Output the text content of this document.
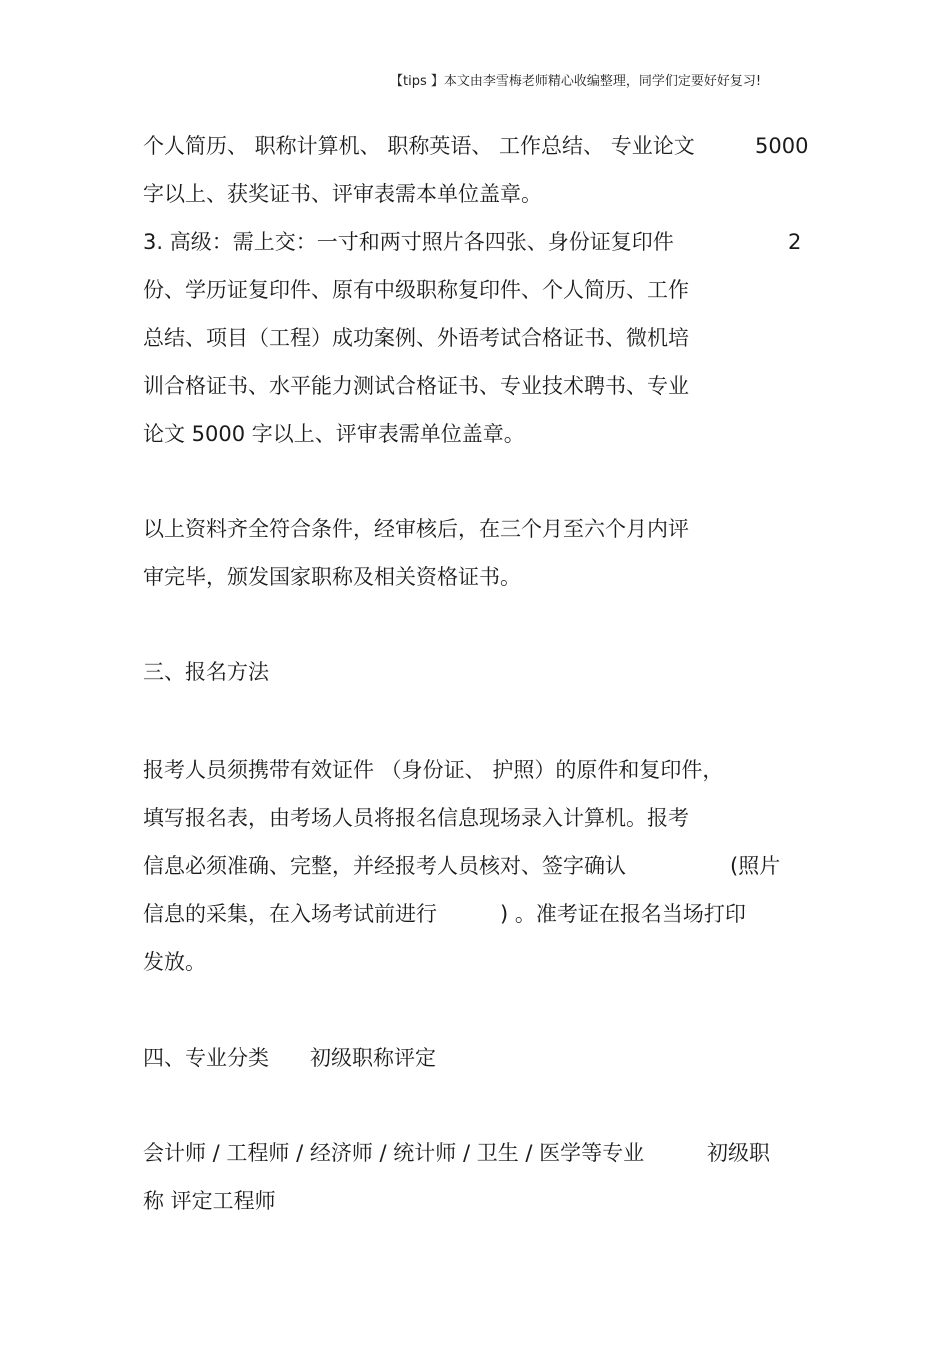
【tips 】本文由李雪梅老师精心收编整理，同学们定要好好复习!
个人简历、 职称计算机、 职称英语、 工作总结、 专业论文	5000
字以上、获奖证书、评审表需本单位盖章。
3. 高级：需上交：一寸和两寸照片各四张、身份证复印件	2
份、学历证复印件、原有中级职称复印件、个人简历、工作
总结、项目（工程）成功案例、外语考试合格证书、微机培
训合格证书、水平能力测试合格证书、专业技术聘书、专业
论文 5000 字以上、评审表需单位盖章。
以上资料齐全符合条件，经审核后，在三个月至六个月内评
审完毕，颁发国家职称及相关资格证书。
三、报名方法
报考人员须携带有效证件 （身份证、 护照）的原件和复印件，
填写报名表，由考场人员将报名信息现场录入计算机。报考
信息必须准确、完整，并经报考人员核对、签字确认	(照片
信息的采集，在入场考试前进行	) 。准考证在报名当场打印
发放。
四、专业分类 初级职称评定
会计师 / 工程师 / 经济师 / 统计师 / 卫生 / 医学等专业	初级职
称 评定工程师
